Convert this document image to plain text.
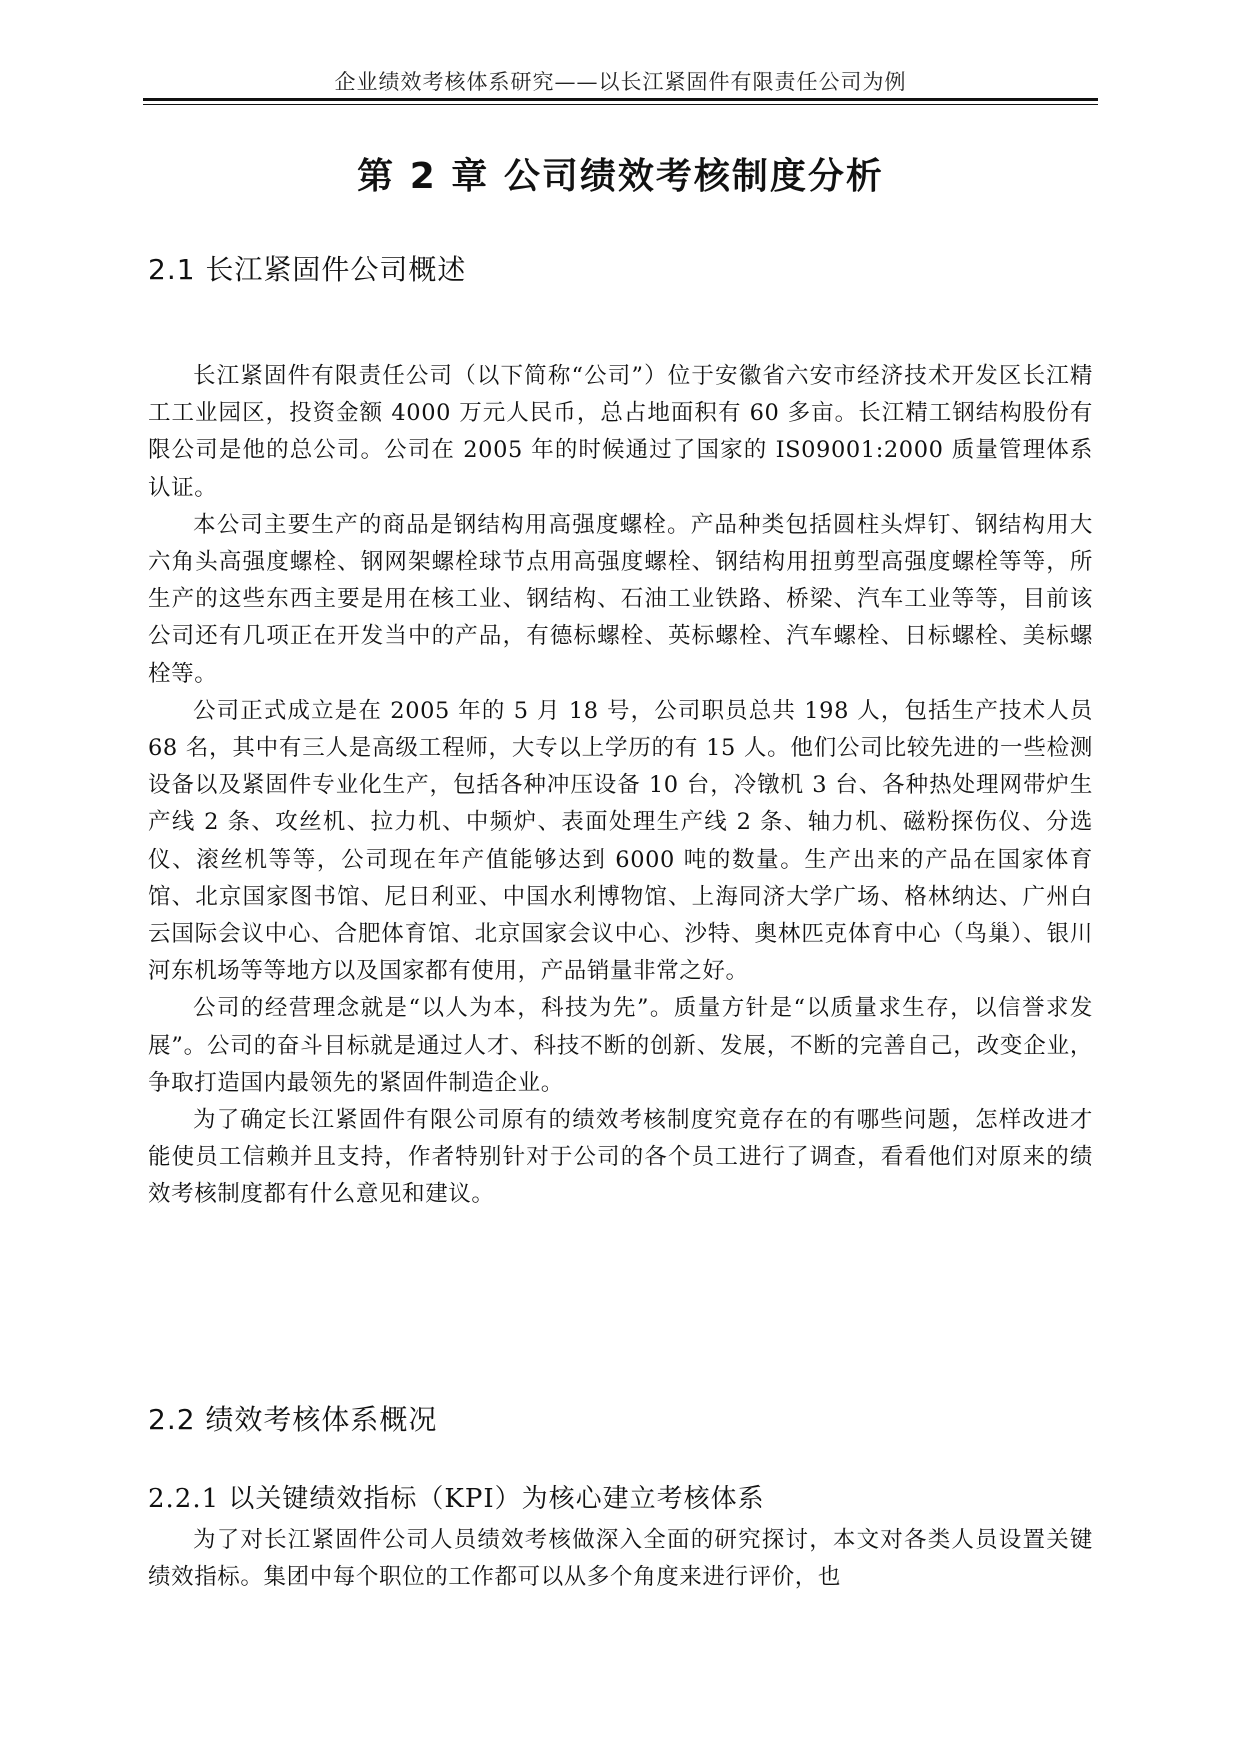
企业绩效考核体系研究——以长江紧固件有限责任公司为例
第 2 章 公司绩效考核制度分析
2.1 长江紧固件公司概述

长江紧固件有限责任公司（以下简称“公司”）位于安徽省六安市经济技术开发区长江精工工业园区，投资金额 4000 万元人民币，总占地面积有 60 多亩。长江精工钢结构股份有限公司是他的总公司。公司在 2005 年的时候通过了国家的 IS09001:2000 质量管理体系认证。

本公司主要生产的商品是钢结构用高强度螺栓。产品种类包括圆柱头焊钉、钢结构用大六角头高强度螺栓、钢网架螺栓球节点用高强度螺栓、钢结构用扭剪型高强度螺栓等等，所生产的这些东西主要是用在核工业、钢结构、石油工业铁路、桥梁、汽车工业等等，目前该公司还有几项正在开发当中的产品，有德标螺栓、英标螺栓、汽车螺栓、日标螺栓、美标螺栓等。

公司正式成立是在 2005 年的 5 月 18 号，公司职员总共 198 人，包括生产技术人员 68 名，其中有三人是高级工程师，大专以上学历的有 15 人。他们公司比较先进的一些检测设备以及紧固件专业化生产，包括各种冲压设备 10 台，冷镦机 3 台、各种热处理网带炉生产线 2 条、攻丝机、拉力机、中频炉、表面处理生产线 2 条、轴力机、磁粉探伤仪、分选仪、滚丝机等等，公司现在年产值能够达到 6000 吨的数量。生产出来的产品在国家体育馆、北京国家图书馆、尼日利亚、中国水利博物馆、上海同济大学广场、格林纳达、广州白云国际会议中心、合肥体育馆、北京国家会议中心、沙特、奥林匹克体育中心（鸟巢）、银川河东机场等等地方以及国家都有使用，产品销量非常之好。

公司的经营理念就是“以人为本，科技为先”。质量方针是“以质量求生存，以信誉求发展”。公司的奋斗目标就是通过人才、科技不断的创新、发展，不断的完善自己，改变企业，争取打造国内最领先的紧固件制造企业。

为了确定长江紧固件有限公司原有的绩效考核制度究竟存在的有哪些问题，怎样改进才能使员工信赖并且支持，作者特别针对于公司的各个员工进行了调查，看看他们对原来的绩效考核制度都有什么意见和建议。

2.2 绩效考核体系概况
2.2.1 以关键绩效指标（KPI）为核心建立考核体系

为了对长江紧固件公司人员绩效考核做深入全面的研究探讨，本文对各类人员设置关键绩效指标。集团中每个职位的工作都可以从多个角度来进行评价，也
